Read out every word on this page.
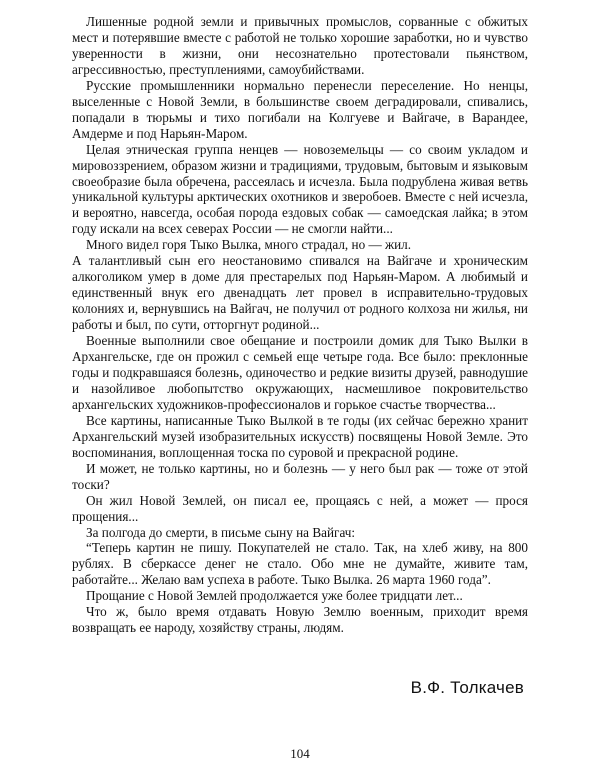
Лишенные родной земли и привычных промыслов, сорванные с обжитых мест и потерявшие вместе с работой не только хорошие заработки, но и чувство уверенности в жизни, они несознательно протестовали пьянством, агрессивностью, преступлениями, самоубийствами.

Русские промышленники нормально перенесли переселение. Но ненцы, выселенные с Новой Земли, в большинстве своем деградировали, спивались, попадали в тюрьмы и тихо погибали на Колгуеве и Вайгаче, в Варандее, Амдерме и под Нарьян-Маром.

Целая этническая группа ненцев — новоземельцы — со своим укладом и мировоззрением, образом жизни и традициями, трудовым, бытовым и языковым своеобразие была обречена, рассеялась и исчезла. Была подрублена живая ветвь уникальной культуры арктических охотников и зверобоев. Вместе с ней исчезла, и вероятно, навсегда, особая порода ездовых собак — самоедская лайка; в этом году искали на всех северах России — не смогли найти...

Много видел горя Тыко Вылка, много страдал, но — жил.

А талантливый сын его неостановимо спивался на Вайгаче и хроническим алкоголиком умер в доме для престарелых под Нарьян-Маром. А любимый и единственный внук его двенадцать лет провел в исправительно-трудовых колониях и, вернувшись на Вайгач, не получил от родного колхоза ни жилья, ни работы и был, по сути, отторгнут родиной...

Военные выполнили свое обещание и построили домик для Тыко Вылки в Архангельске, где он прожил с семьей еще четыре года. Все было: преклонные годы и подкравшаяся болезнь, одиночество и редкие визиты друзей, равнодушие и назойливое любопытство окружающих, насмешливое покровительство архангельских художников-профессионалов и горькое счастье творчества...

Все картины, написанные Тыко Вылкой в те годы (их сейчас бережно хранит Архангельский музей изобразительных искусств) посвящены Новой Земле. Это воспоминания, воплощенная тоска по суровой и прекрасной родине.

И может, не только картины, но и болезнь — у него был рак — тоже от этой тоски?

Он жил Новой Землей, он писал ее, прощаясь с ней, а может — прося прощения...

За полгода до смерти, в письме сыну на Вайгач:

“Теперь картин не пишу. Покупателей не стало. Так, на хлеб живу, на 800 рублях. В сберкассе денег не стало. Обо мне не думайте, живите там, работайте... Желаю вам успеха в работе. Тыко Вылка. 26 марта 1960 года”.

Прощание с Новой Землей продолжается уже более тридцати лет...

Что ж, было время отдавать Новую Землю военным, приходит время возвращать ее народу, хозяйству страны, людям.

В.Ф. Толкачев
104
